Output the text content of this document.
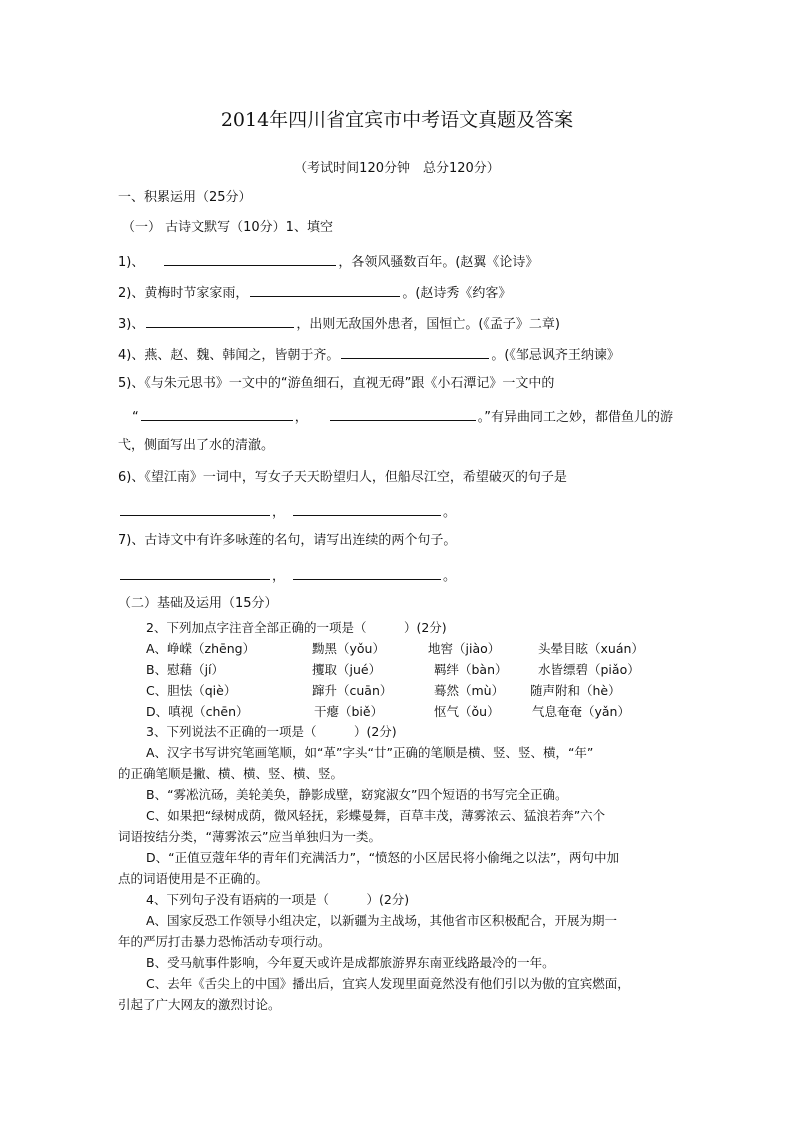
2014年四川省宜宾市中考语文真题及答案
（考试时间120分钟　总分120分）
一、积累运用（25分）
（一） 古诗文默写（10分）1、填空
1)、	，各领风骚数百年。(赵翼《论诗》
2)、黄梅时节家家雨，	。(赵诗秀《约客》
3)、	，出则无敌国外患者，国恒亡。(《孟子》二章)
4)、燕、赵、魏、韩闻之，皆朝于齐。	。(《邹忌讽齐王纳谏》
5)、《与朱元思书》一文中的“游鱼细石，直视无碍”跟《小石潭记》一文中的
“	，	。”有异曲同工之妙，都借鱼儿的游
弋，侧面写出了水的清澈。
6)、《望江南》一词中，写女子天天盼望归人，但船尽江空，希望破灭的句子是
，	。
7)、古诗文中有许多咏莲的名句，请写出连续的两个句子。
，	。
（二）基础及运用（15分）
2、下列加点字注音全部正确的一项是（　　　）(2分)
A、峥嵘（zhēng）	黝黑（yǒu）	地窖（jiào）	头晕目眩（xuán）
B、慰藉（jí）	攫取（jué）	羁绊（bàn） 水皆缥碧（piǎo）
C、胆怯（qiè）	蹿升（cuān）	蓦然（mù） 随声附和（hè）
D、嗔视（chēn）	干瘪（biě）	怄气（ǒu）	气息奄奄（yǎn）
3、下列说法不正确的一项是（　　　）(2分)
A、汉字书写讲究笔画笔顺，如“革”字头“廿”正确的笔顺是横、竖、竖、横，“年”
的正确笔顺是撇、横、横、竖、横、竖。
B、“雾凇沆砀，美轮美奂，静影成壁，窈窕淑女”四个短语的书写完全正确。
C、如果把“绿树成荫，微风轻抚，彩蝶曼舞，百草丰茂，薄雾浓云、猛浪若奔”六个
词语按结分类，“薄雾浓云”应当单独归为一类。
D、“正值豆蔻年华的青年们充满活力”，“愤怒的小区居民将小偷绳之以法”，两句中加
点的词语使用是不正确的。
4、下列句子没有语病的一项是（　　　）(2分)
A、国家反恐工作领导小组决定，以新疆为主战场，其他省市区积极配合，开展为期一
年的严厉打击暴力恐怖活动专项行动。
B、受马航事件影响，今年夏天或许是成都旅游界东南亚线路最冷的一年。
C、去年《舌尖上的中国》播出后，宜宾人发现里面竟然没有他们引以为傲的宜宾燃面，
引起了广大网友的激烈讨论。
